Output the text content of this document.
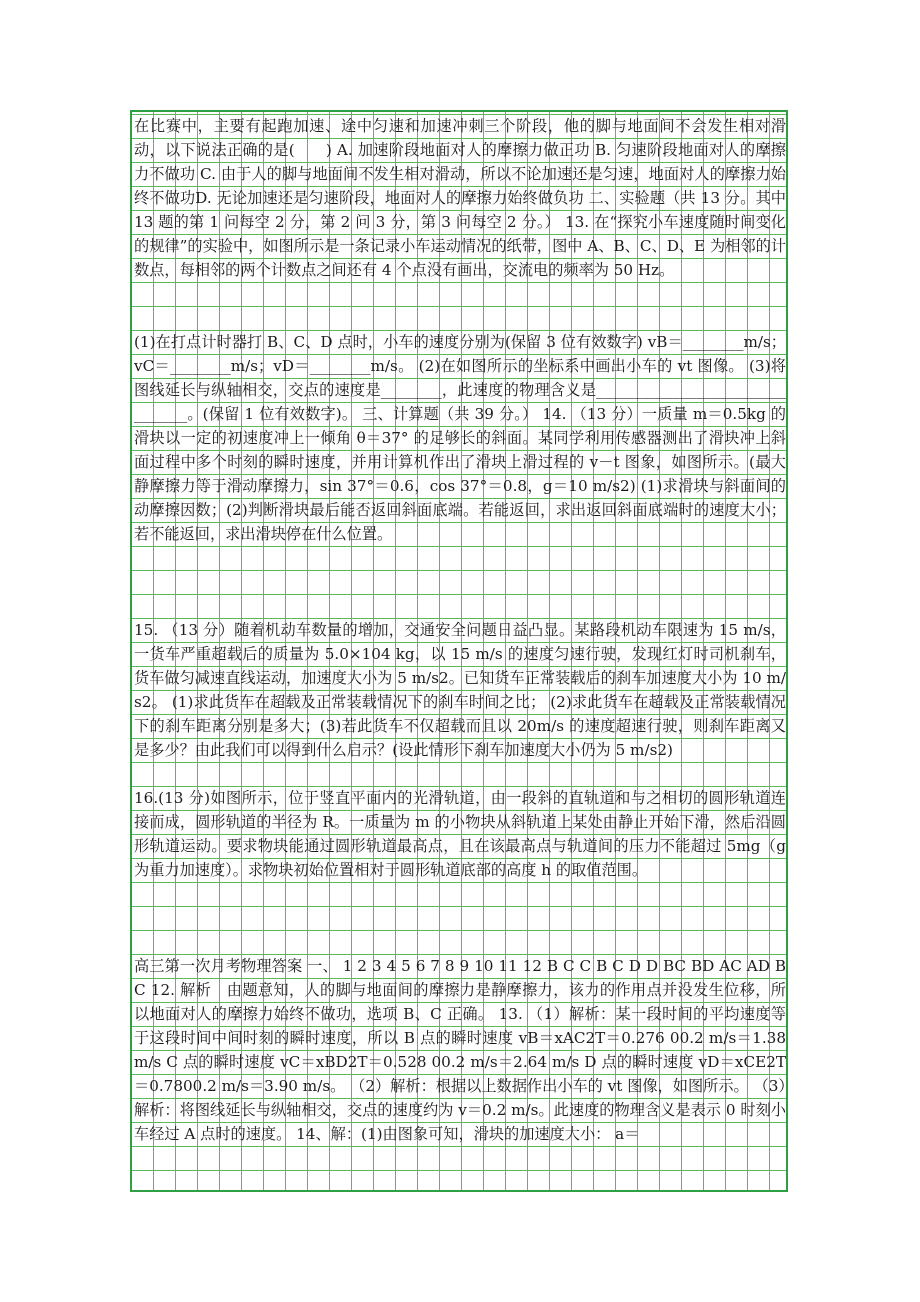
在比赛中，主要有起跑加速、途中匀速和加速冲刺三个阶段，他的脚与地面间不会发生相对滑动，以下说法正确的是(　　) A. 加速阶段地面对人的摩擦力做正功 B. 匀速阶段地面对人的摩擦力不做功 C. 由于人的脚与地面间不发生相对滑动，所以不论加速还是匀速，地面对人的摩擦力始终不做功D. 无论加速还是匀速阶段，地面对人的摩擦力始终做负功 二、实验题（共 13 分。其中 13 题的第 1 问每空 2 分，第 2 问 3 分，第 3 问每空 2 分。） 13. 在“探究小车速度随时间变化的规律”的实验中，如图所示是一条记录小车运动情况的纸带，图中 A、B、C、D、E 为相邻的计数点，每相邻的两个计数点之间还有 4 个点没有画出，交流电的频率为 50 Hz。

(1)在打点计时器打 B、C、D 点时，小车的速度分别为(保留 3 位有效数字) vB＝________m/s；vC＝________m/s；vD＝________m/s。 (2)在如图所示的坐标系中画出小车的 vt 图像。 (3)将图线延长与纵轴相交，交点的速度是________，此速度的物理含义是________________________________。(保留 1 位有效数字)。 三、计算题（共 39 分。） 14. （13 分）一质量 m＝0.5kg 的滑块以一定的初速度冲上一倾角 θ＝37° 的足够长的斜面。某同学利用传感器测出了滑块冲上斜面过程中多个时刻的瞬时速度，并用计算机作出了滑块上滑过程的 v－t 图象，如图所示。(最大静摩擦力等于滑动摩擦力，sin 37°＝0.6，cos 37°＝0.8，g＝10 m/s2) (1)求滑块与斜面间的动摩擦因数；(2)判断滑块最后能否返回斜面底端。若能返回，求出返回斜面底端时的速度大小；若不能返回，求出滑块停在什么位置。

15. （13 分）随着机动车数量的增加，交通安全问题日益凸显。某路段机动车限速为 15 m/s，一货车严重超载后的质量为 5.0×104 kg，以 15 m/s 的速度匀速行驶，发现红灯时司机刹车，货车做匀减速直线运动，加速度大小为 5 m/s2。已知货车正常装载后的刹车加速度大小为 10 m/s2。 (1)求此货车在超载及正常装载情况下的刹车时间之比； (2)求此货车在超载及正常装载情况下的刹车距离分别是多大；(3)若此货车不仅超载而且以 20m/s 的速度超速行驶，则刹车距离又是多少？由此我们可以得到什么启示？(设此情形下刹车加速度大小仍为 5 m/s2)

16.(13 分)如图所示，位于竖直平面内的光滑轨道，由一段斜的直轨道和与之相切的圆形轨道连接而成，圆形轨道的半径为 R。一质量为 m 的小物块从斜轨道上某处由静止开始下滑，然后沿圆形轨道运动。要求物块能通过圆形轨道最高点，且在该最高点与轨道间的压力不能超过 5mg（g 为重力加速度）。求物块初始位置相对于圆形轨道底部的高度 h 的取值范围。

高三第一次月考物理答案 一、 1 2 3 4 5 6 7 8 9 10 11 12 B C C B C D D BC BD AC AD BC 12. 解析　由题意知，人的脚与地面间的摩擦力是静摩擦力，该力的作用点并没发生位移，所以地面对人的摩擦力始终不做功，选项 B、C 正确。 13. （1）解析：某一段时间的平均速度等于这段时间中间时刻的瞬时速度，所以 B 点的瞬时速度 vB＝xAC2T＝0.276 00.2 m/s＝1.38 m/s C 点的瞬时速度 vC＝xBD2T＝0.528 00.2 m/s＝2.64 m/s D 点的瞬时速度 vD＝xCE2T＝0.7800.2 m/s＝3.90 m/s。 （2）解析：根据以上数据作出小车的 vt 图像，如图所示。 （3）解析：将图线延长与纵轴相交，交点的速度约为 v＝0.2 m/s。此速度的物理含义是表示 0 时刻小车经过 A 点时的速度。 14、解：(1)由图象可知，滑块的加速度大小： a＝
